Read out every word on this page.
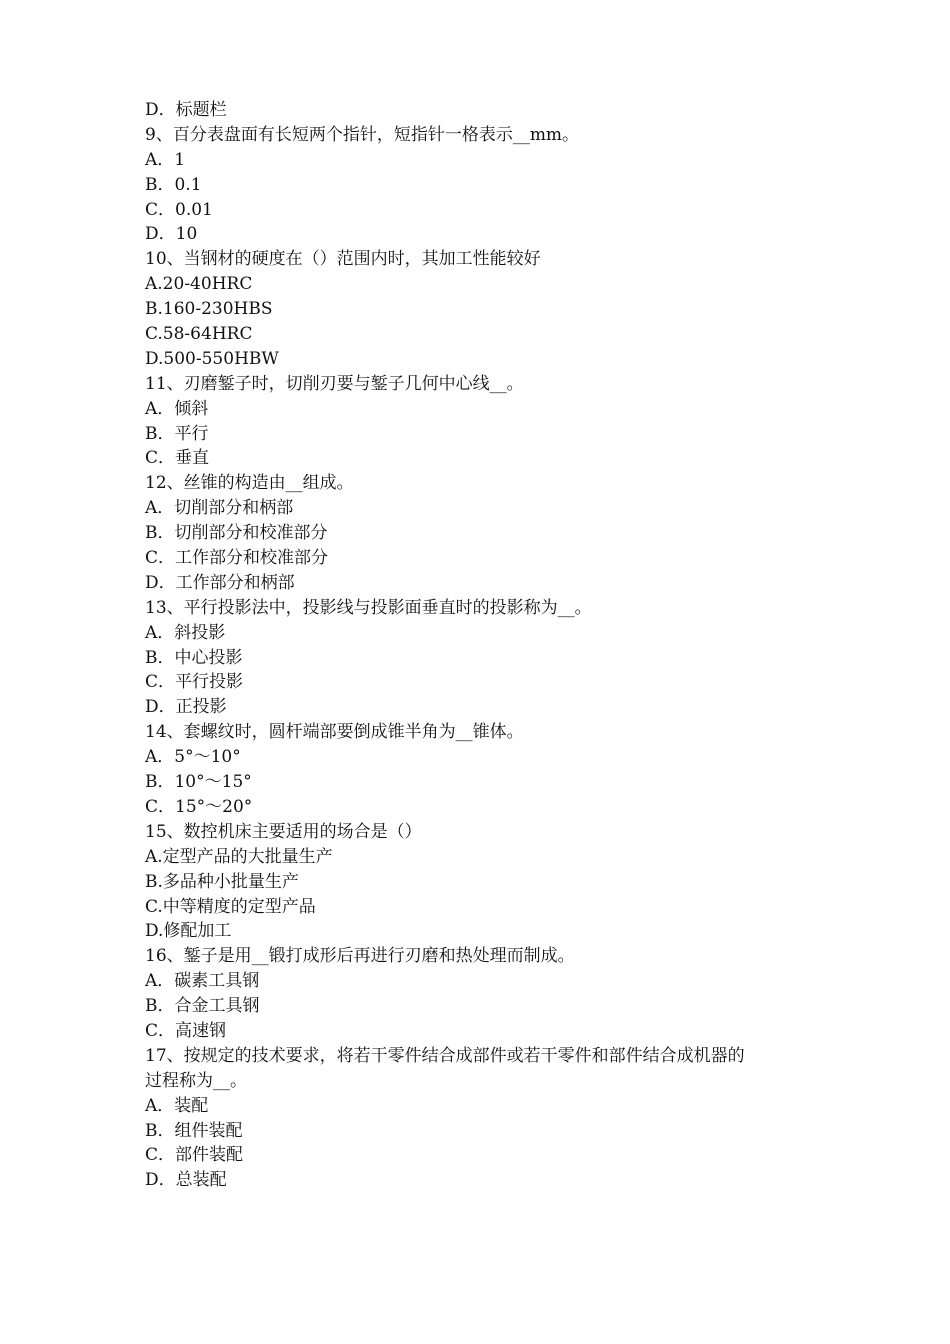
D．标题栏
9、百分表盘面有长短两个指针，短指针一格表示__mm。
A．1
B．0.1
C．0.01
D．10
10、当钢材的硬度在（）范围内时，其加工性能较好
A.20-40HRC
B.160-230HBS
C.58-64HRC
D.500-550HBW
11、刃磨錾子时，切削刃要与錾子几何中心线__。
A．倾斜
B．平行
C．垂直
12、丝锥的构造由__组成。
A．切削部分和柄部
B．切削部分和校准部分
C．工作部分和校准部分
D．工作部分和柄部
13、平行投影法中，投影线与投影面垂直时的投影称为__。
A．斜投影
B．中心投影
C．平行投影
D．正投影
14、套螺纹时，圆杆端部要倒成锥半角为__锥体。
A．5°～10°
B．10°～15°
C．15°～20°
15、数控机床主要适用的场合是（）
A.定型产品的大批量生产
B.多品种小批量生产
C.中等精度的定型产品
D.修配加工
16、錾子是用__锻打成形后再进行刃磨和热处理而制成。
A．碳素工具钢
B．合金工具钢
C．高速钢
17、按规定的技术要求，将若干零件结合成部件或若干零件和部件结合成机器的
过程称为__。
A．装配
B．组件装配
C．部件装配
D．总装配
